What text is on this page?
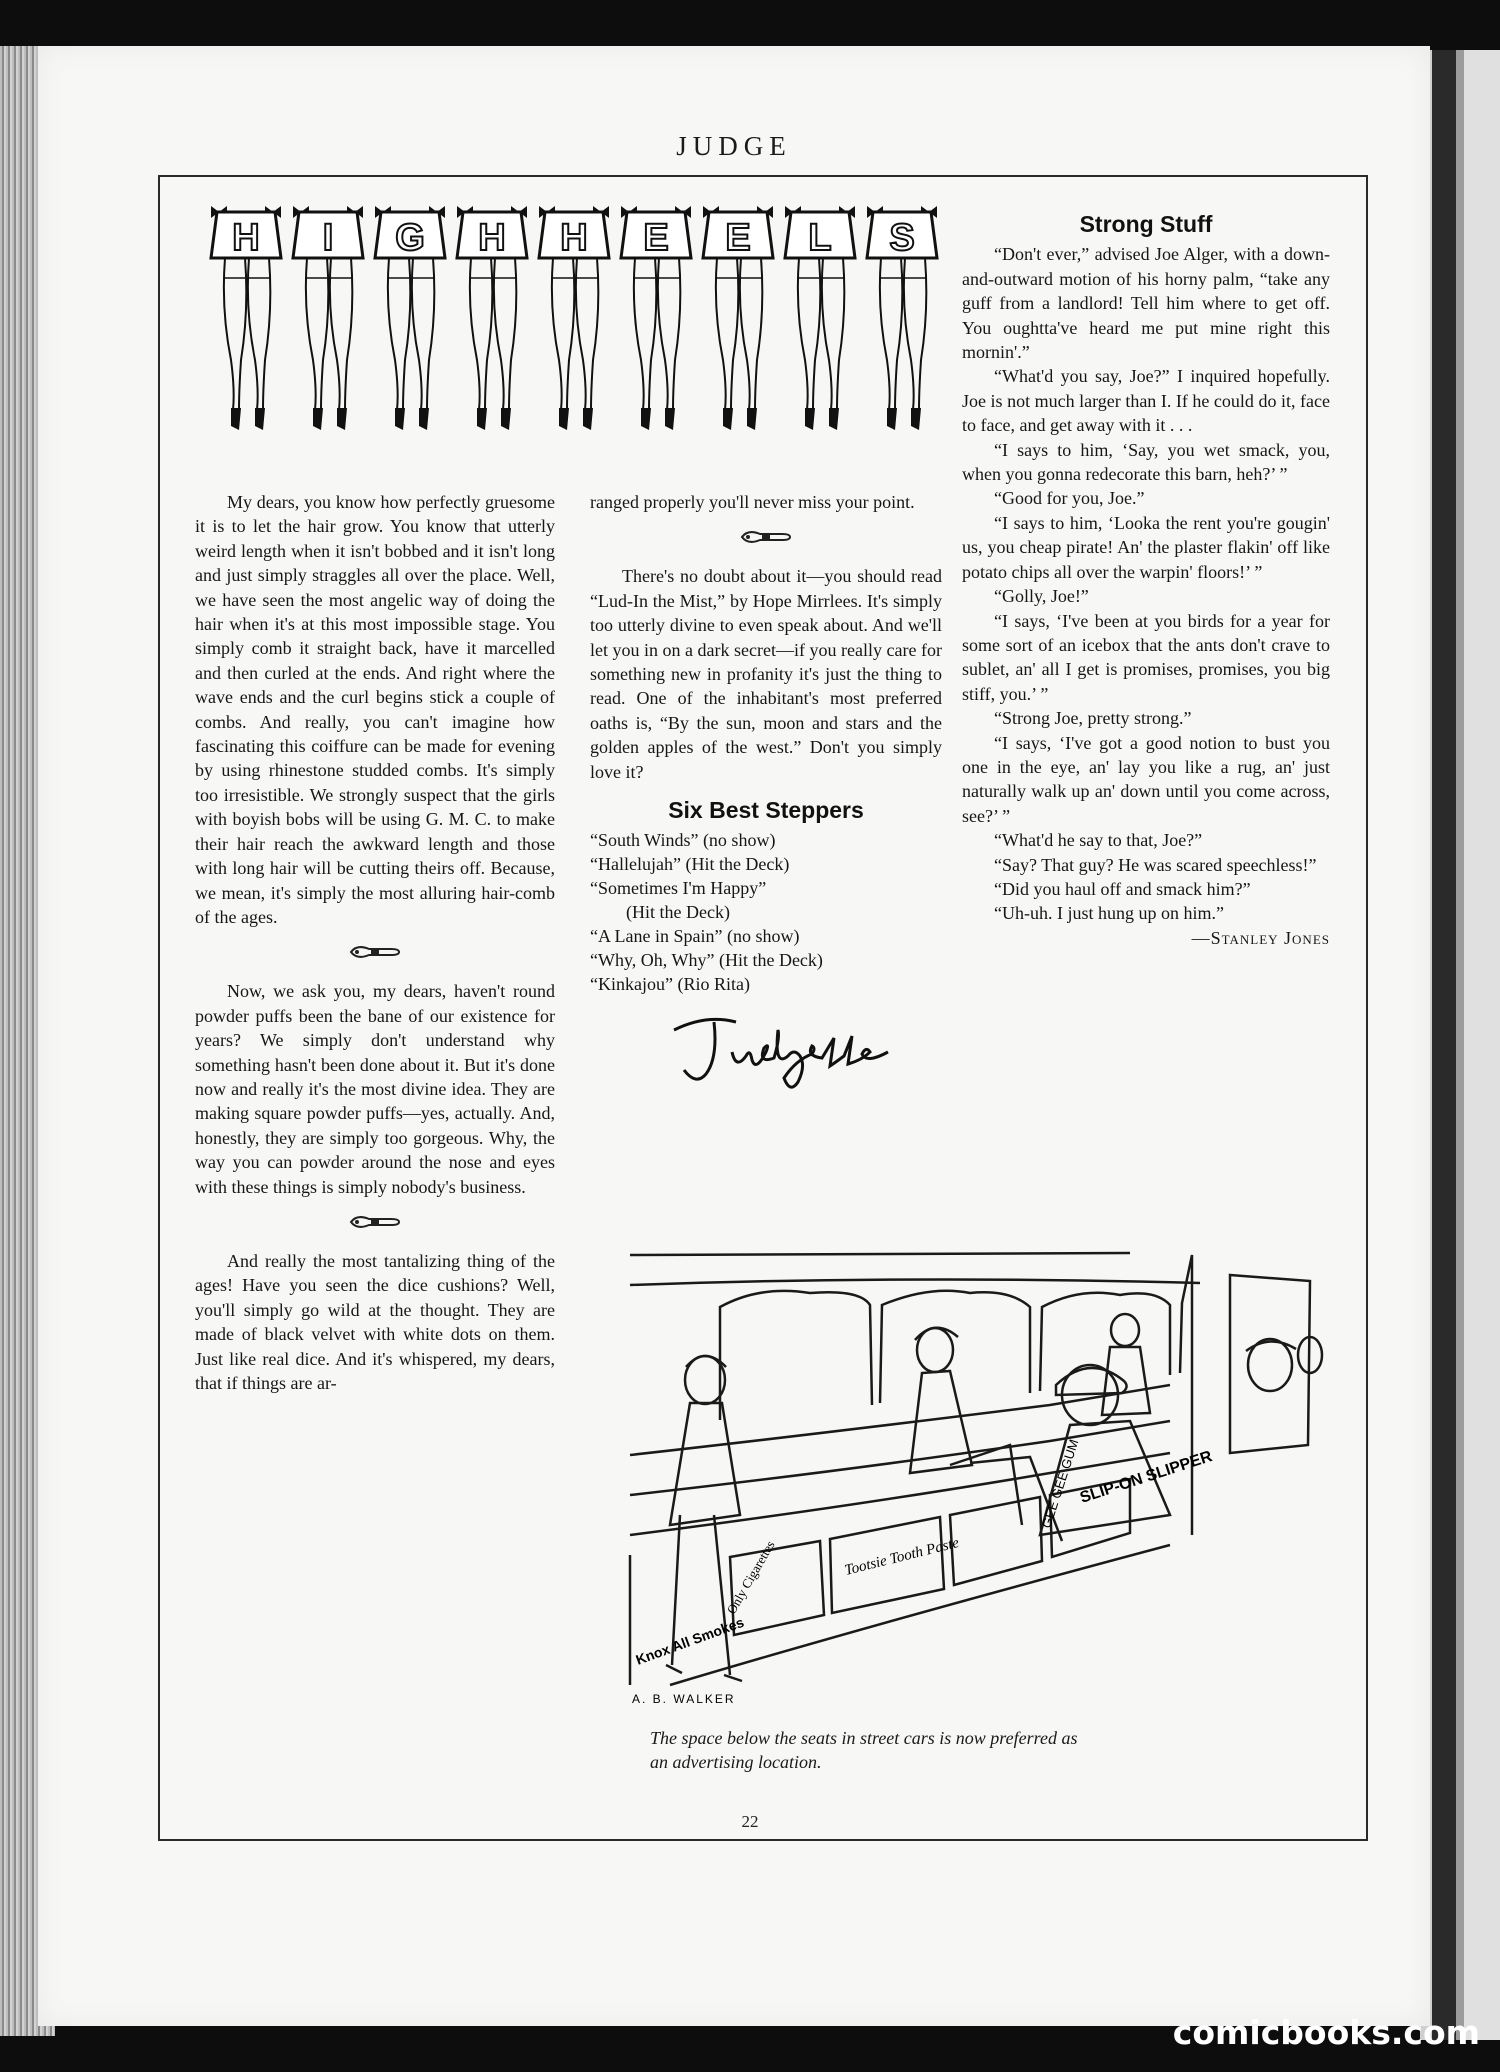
JUDGE
H I G H H E E L S

My dears, you know how perfectly gruesome it is to let the hair grow. You know that utterly weird length when it isn't bobbed and it isn't long and just simply straggles all over the place. Well, we have seen the most angelic way of doing the hair when it's at this most impossible stage. You simply comb it straight back, have it marcelled and then curled at the ends. And right where the wave ends and the curl begins stick a couple of combs. And really, you can't imagine how fascinating this coiffure can be made for evening by using rhinestone studded combs. It's simply too irresistible. We strongly suspect that the girls with boyish bobs will be using G. M. C. to make their hair reach the awkward length and those with long hair will be cutting theirs off. Because, we mean, it's simply the most alluring hair-comb of the ages.

Now, we ask you, my dears, haven't round powder puffs been the bane of our existence for years? We simply don't understand why something hasn't been done about it. But it's done now and really it's the most divine idea. They are making square powder puffs—yes, actually. And, honestly, they are simply too gorgeous. Why, the way you can powder around the nose and eyes with these things is simply nobody's business.

And really the most tantalizing thing of the ages! Have you seen the dice cushions? Well, you'll simply go wild at the thought. They are made of black velvet with white dots on them. Just like real dice. And it's whispered, my dears, that if things are ar-

ranged properly you'll never miss your point.

There's no doubt about it—you should read “Lud-In the Mist,” by Hope Mirrlees. It's simply too utterly divine to even speak about. And we'll let you in on a dark secret—if you really care for something new in profanity it's just the thing to read. One of the inhabitant's most preferred oaths is, “By the sun, moon and stars and the golden apples of the west.” Don't you simply love it?

Six Best Steppers
“South Winds” (no show)
“Hallelujah” (Hit the Deck)
“Sometimes I'm Happy”
(Hit the Deck)
“A Lane in Spain” (no show)
“Why, Oh, Why” (Hit the Deck)
“Kinkajou” (Rio Rita)
Strong Stuff

“Don't ever,” advised Joe Alger, with a down-and-outward motion of his horny palm, “take any guff from a landlord! Tell him where to get off. You oughtta've heard me put mine right this mornin'.”

“What'd you say, Joe?” I inquired hopefully. Joe is not much larger than I. If he could do it, face to face, and get away with it . . .

“I says to him, ‘Say, you wet smack, you, when you gonna redecorate this barn, heh?’ ”

“Good for you, Joe.”

“I says to him, ‘Looka the rent you're gougin' us, you cheap pirate! An' the plaster flakin' off like potato chips all over the warpin' floors!’ ”

“Golly, Joe!”

“I says, ‘I've been at you birds for a year for some sort of an icebox that the ants don't crave to sublet, an' all I get is promises, promises, you big stiff, you.’ ”

“Strong Joe, pretty strong.”

“I says, ‘I've got a good notion to bust you one in the eye, an' lay you like a rug, an' just naturally walk up an' down until you come across, see?’ ”

“What'd he say to that, Joe?”

“Say? That guy? He was scared speechless!”

“Did you haul off and smack him?”

“Uh-uh. I just hung up on him.”

—Stanley Jones
SLIP-ON SLIPPER
Tootsie Tooth Paste
Knox All Smokes
Only Cigarettes
GEE GEE GUM
A. B. WALKER
The space below the seats in street cars is now preferred as
an advertising location.
22
comicbooks.com
